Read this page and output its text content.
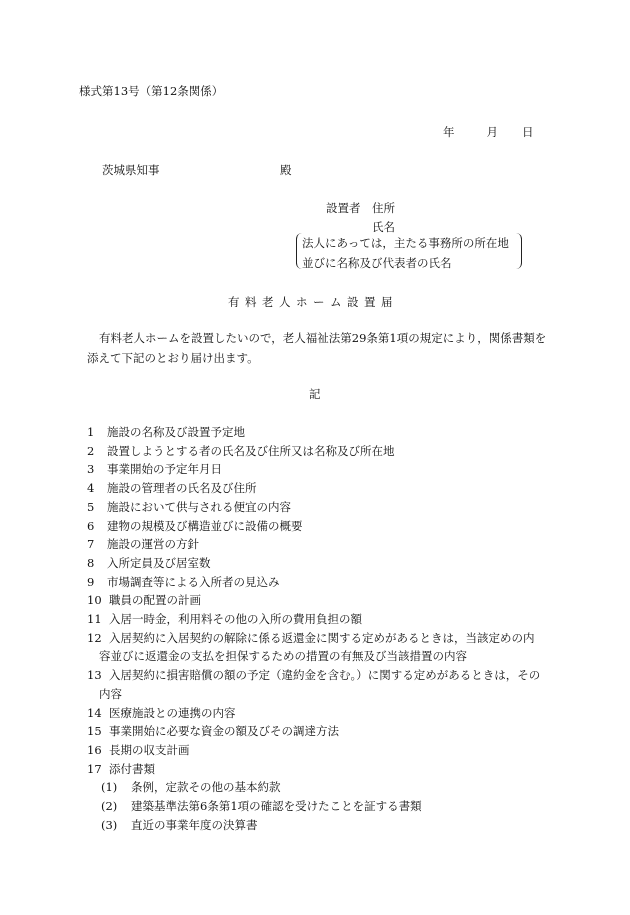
様式第13号（第12条関係）
年	月 日
茨城県知事	殿
設置者 住所
氏名
法人にあっては，主たる事務所の所在地
並びに名称及び代表者の氏名
有料老人ホーム設置届
有料老人ホームを設置したいので，老人福祉法第29条第1項の規定により，関係書類を添えて下記のとおり届け出ます。
記
1	施設の名称及び設置予定地
2	設置しようとする者の氏名及び住所又は名称及び所在地
3	事業開始の予定年月日
4	施設の管理者の氏名及び住所
5	施設において供与される便宜の内容
6	建物の規模及び構造並びに設備の概要
7	施設の運営の方針
8	入所定員及び居室数
9	市場調査等による入所者の見込み
10 職員の配置の計画
11 入居一時金，利用料その他の入所の費用負担の額
12 入居契約に入居契約の解除に係る返還金に関する定めがあるときは，当該定めの内
容並びに返還金の支払を担保するための措置の有無及び当該措置の内容
13 入居契約に損害賠償の額の予定（違約金を含む。）に関する定めがあるときは，その
内容
14 医療施設との連携の内容
15 事業開始に必要な資金の額及びその調達方法
16 長期の収支計画
17 添付書類
(1)	条例，定款その他の基本約款
(2)	建築基準法第6条第1項の確認を受けたことを証する書類
(3)	直近の事業年度の決算書
